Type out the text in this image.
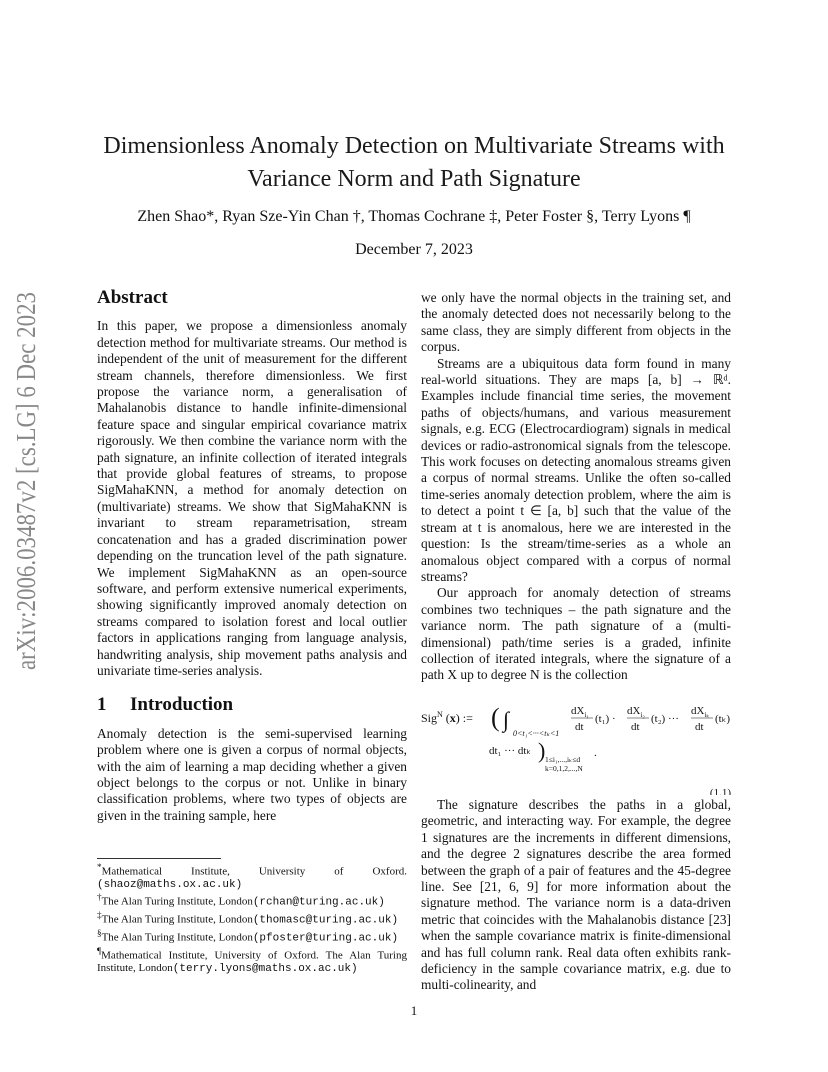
arXiv:2006.03487v2 [cs.LG] 6 Dec 2023
Dimensionless Anomaly Detection on Multivariate Streams with
Variance Norm and Path Signature
Zhen Shao*, Ryan Sze-Yin Chan †, Thomas Cochrane ‡, Peter Foster §, Terry Lyons ¶
December 7, 2023
Abstract

In this paper, we propose a dimensionless anomaly detection method for multivariate streams. Our method is independent of the unit of measurement for the different stream channels, therefore dimensionless. We first propose the variance norm, a generalisation of Mahalanobis distance to handle infinite-dimensional feature space and singular empirical covariance matrix rigorously. We then combine the variance norm with the path signature, an infinite collection of iterated integrals that provide global features of streams, to propose SigMahaKNN, a method for anomaly detection on (multivariate) streams. We show that SigMahaKNN is invariant to stream reparametrisation, stream concatenation and has a graded discrimination power depending on the truncation level of the path signature. We implement SigMahaKNN as an open-source software, and perform extensive numerical experiments, showing significantly improved anomaly detection on streams compared to isolation forest and local outlier factors in applications ranging from language analysis, handwriting analysis, ship movement paths analysis and univariate time-series analysis.

1 Introduction

Anomaly detection is the semi-supervised learning problem where one is given a corpus of normal objects, with the aim of learning a map deciding whether a given object belongs to the corpus or not. Unlike in binary classification problems, where two types of objects are given in the training sample, here

*Mathematical Institute, University of Oxford. (shaoz@maths.ox.ac.uk)

†The Alan Turing Institute, London(rchan@turing.ac.uk)

‡The Alan Turing Institute, London(thomasc@turing.ac.uk)

§The Alan Turing Institute, London(pfoster@turing.ac.uk)

¶Mathematical Institute, University of Oxford. The Alan Turing Institute, London(terry.lyons@maths.ox.ac.uk)

we only have the normal objects in the training set, and the anomaly detected does not necessarily belong to the same class, they are simply different from objects in the corpus.

Streams are a ubiquitous data form found in many real-world situations. They are maps [a, b] → ℝᵈ. Examples include financial time series, the movement paths of objects/humans, and various measurement signals, e.g. ECG (Electrocardiogram) signals in medical devices or radio-astronomical signals from the telescope. This work focuses on detecting anomalous streams given a corpus of normal streams. Unlike the often so-called time-series anomaly detection problem, where the aim is to detect a point t ∈ [a, b] such that the value of the stream at t is anomalous, here we are interested in the question: Is the stream/time-series as a whole an anomalous object compared with a corpus of normal streams?

Our approach for anomaly detection of streams combines two techniques – the path signature and the variance norm. The path signature of a (multi-dimensional) path/time series is a graded, infinite collection of iterated integrals, where the signature of a path X up to degree N is the collection

Sig$^N$ (x) := ( ∫
0<t₁<···<tₖ<1
$dX_{i_1}$
dt
(t₁) ·
$dX_{i_2}$
dt
(t₂) ···
$dX_{i_k}$
dt
(tₖ)
dt₁ ··· dtₖ ) 1≤i₁,...,iₖ≤d
k=0,1,2,...,N
.
(1.1)

The signature describes the paths in a global, geometric, and interacting way. For example, the degree 1 signatures are the increments in different dimensions, and the degree 2 signatures describe the area formed between the graph of a pair of features and the 45-degree line. See [21, 6, 9] for more information about the signature method. The variance norm is a data-driven metric that coincides with the Mahalanobis distance [23] when the sample covariance matrix is finite-dimensional and has full column rank. Real data often exhibits rank-deficiency in the sample covariance matrix, e.g. due to multi-colinearity, and

1
